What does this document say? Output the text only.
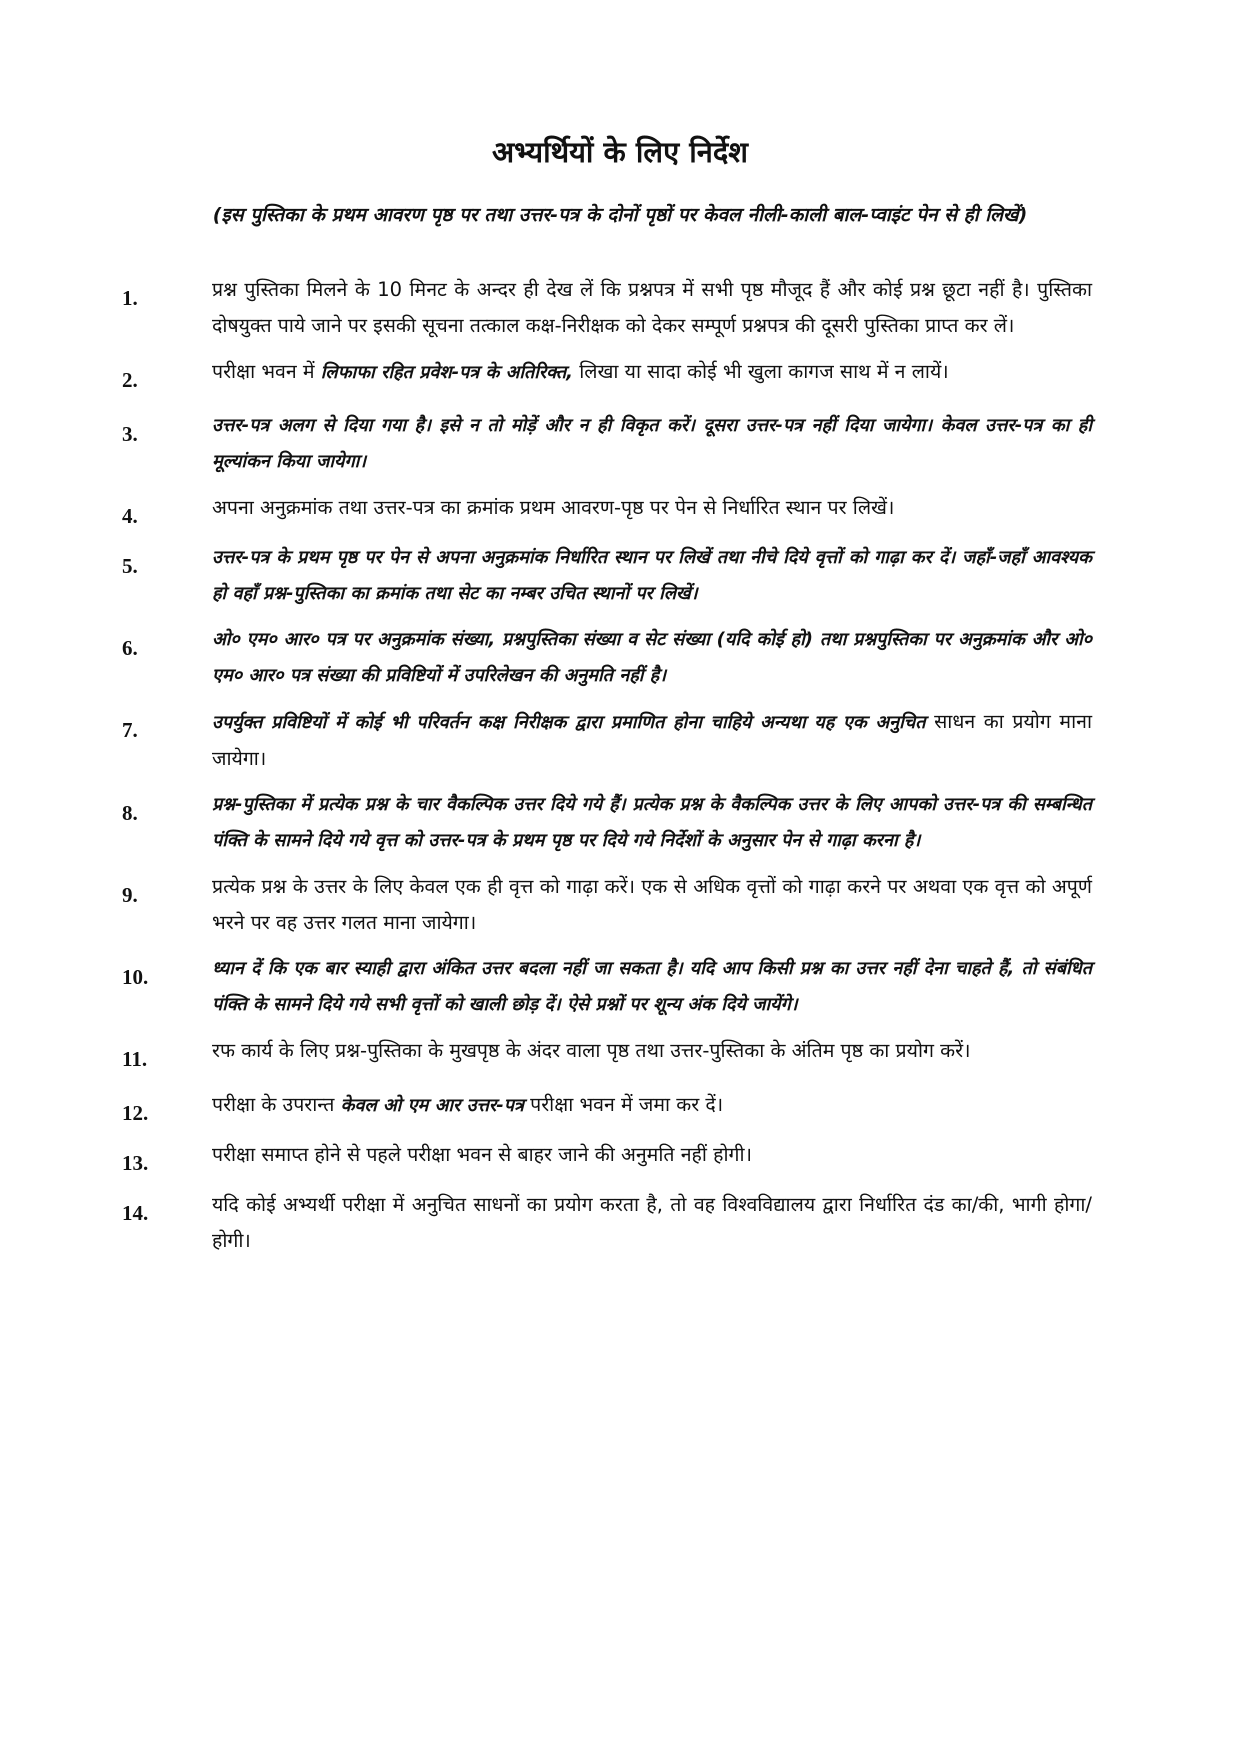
अभ्यर्थियों के लिए निर्देश
(इस पुस्तिका के प्रथम आवरण पृष्ठ पर तथा उत्तर-पत्र के दोनों पृष्ठों पर केवल नीली-काली बाल-प्वाइंट पेन से ही लिखें)
1.	प्रश्न पुस्तिका मिलने के 10 मिनट के अन्दर ही देख लें कि प्रश्नपत्र में सभी पृष्ठ मौजूद हैं और कोई प्रश्न छूटा नहीं है। पुस्तिका दोषयुक्त पाये जाने पर इसकी सूचना तत्काल कक्ष-निरीक्षक को देकर सम्पूर्ण प्रश्नपत्र की दूसरी पुस्तिका प्राप्त कर लें।
2.	परीक्षा भवन में लिफाफा रहित प्रवेश-पत्र के अतिरिक्त, लिखा या सादा कोई भी खुला कागज साथ में न लायें।
3.	उत्तर-पत्र अलग से दिया गया है। इसे न तो मोड़ें और न ही विकृत करें। दूसरा उत्तर-पत्र नहीं दिया जायेगा। केवल उत्तर-पत्र का ही मूल्यांकन किया जायेगा।
4.	अपना अनुक्रमांक तथा उत्तर-पत्र का क्रमांक प्रथम आवरण-पृष्ठ पर पेन से निर्धारित स्थान पर लिखें।
5.	उत्तर-पत्र के प्रथम पृष्ठ पर पेन से अपना अनुक्रमांक निर्धारित स्थान पर लिखें तथा नीचे दिये वृत्तों को गाढ़ा कर दें। जहाँ-जहाँ आवश्यक हो वहाँ प्रश्न-पुस्तिका का क्रमांक तथा सेट का नम्बर उचित स्थानों पर लिखें।
6.	ओ० एम० आर० पत्र पर अनुक्रमांक संख्या, प्रश्नपुस्तिका संख्या व सेट संख्या (यदि कोई हो) तथा प्रश्नपुस्तिका पर अनुक्रमांक और ओ० एम० आर० पत्र संख्या की प्रविष्टियों में उपरिलेखन की अनुमति नहीं है।
7.	उपर्युक्त प्रविष्टियों में कोई भी परिवर्तन कक्ष निरीक्षक द्वारा प्रमाणित होना चाहिये अन्यथा यह एक अनुचित साधन का प्रयोग माना जायेगा।
8.	प्रश्न-पुस्तिका में प्रत्येक प्रश्न के चार वैकल्पिक उत्तर दिये गये हैं। प्रत्येक प्रश्न के वैकल्पिक उत्तर के लिए आपको उत्तर-पत्र की सम्बन्धित पंक्ति के सामने दिये गये वृत्त को उत्तर-पत्र के प्रथम पृष्ठ पर दिये गये निर्देशों के अनुसार पेन से गाढ़ा करना है।
9.	प्रत्येक प्रश्न के उत्तर के लिए केवल एक ही वृत्त को गाढ़ा करें। एक से अधिक वृत्तों को गाढ़ा करने पर अथवा एक वृत्त को अपूर्ण भरने पर वह उत्तर गलत माना जायेगा।
10.	ध्यान दें कि एक बार स्याही द्वारा अंकित उत्तर बदला नहीं जा सकता है। यदि आप किसी प्रश्न का उत्तर नहीं देना चाहते हैं, तो संबंधित पंक्ति के सामने दिये गये सभी वृत्तों को खाली छोड़ दें। ऐसे प्रश्नों पर शून्य अंक दिये जायेंगे।
11.	रफ कार्य के लिए प्रश्न-पुस्तिका के मुखपृष्ठ के अंदर वाला पृष्ठ तथा उत्तर-पुस्तिका के अंतिम पृष्ठ का प्रयोग करें।
12.	परीक्षा के उपरान्त केवल ओ एम आर उत्तर-पत्र परीक्षा भवन में जमा कर दें।
13.	परीक्षा समाप्त होने से पहले परीक्षा भवन से बाहर जाने की अनुमति नहीं होगी।
14.	यदि कोई अभ्यर्थी परीक्षा में अनुचित साधनों का प्रयोग करता है, तो वह विश्वविद्यालय द्वारा निर्धारित दंड का/की, भागी होगा/होगी।
